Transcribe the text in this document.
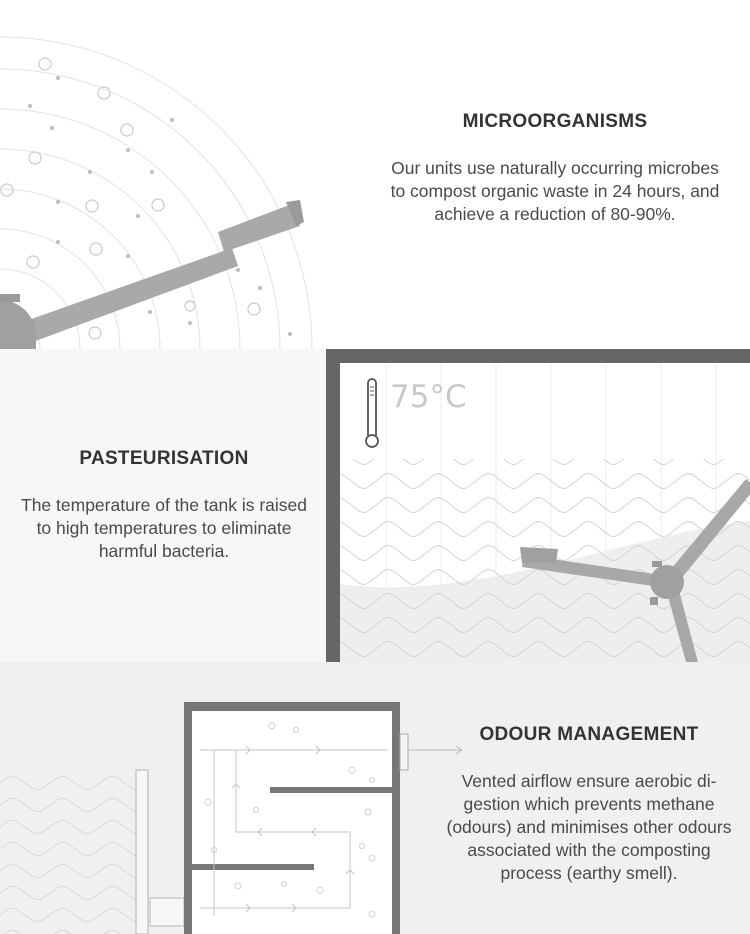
MICROORGANISMS

Our units use naturally occurring microbes to compost organic waste in 24 hours, and achieve a reduction of 80-90%.

PASTEURISATION

The temperature of the tank is raised to high temperatures to eliminate harmful bacteria.

75°C
ODOUR MANAGEMENT

Vented airflow ensure aerobic digestion which prevents methane (odours) and minimises other odours associated with the composting process (earthy smell).
